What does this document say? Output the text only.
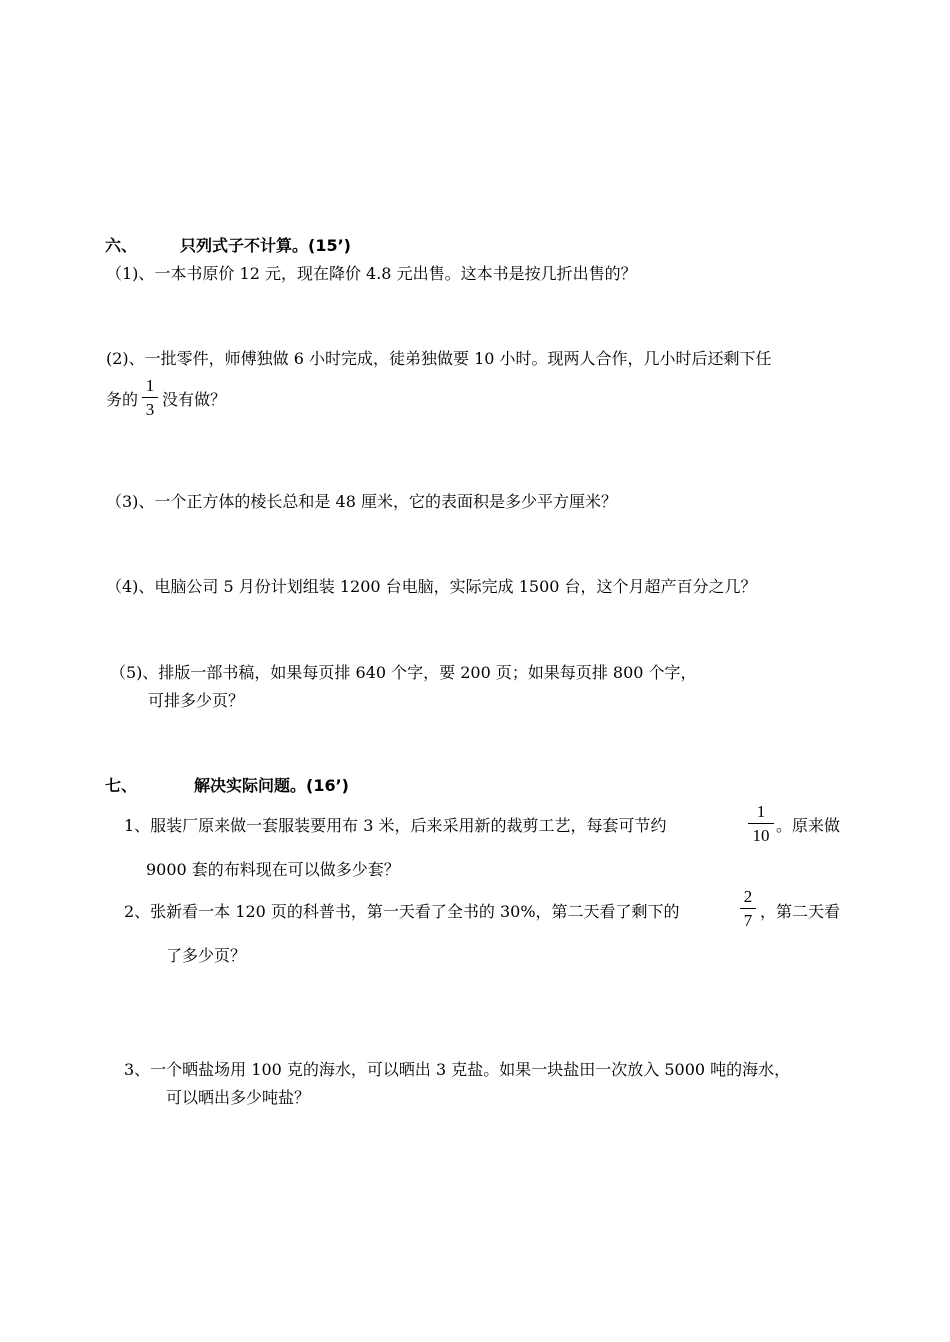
六、	只列式子不计算。(15’)
（1)、一本书原价 12 元，现在降价 4.8 元出售。这本书是按几折出售的？
(2)、一批零件，师傅独做 6 小时完成，徒弟独做要 10 小时。现两人合作，几小时后还剩下任
务的
1
3
没有做？
（3)、一个正方体的棱长总和是 48 厘米，它的表面积是多少平方厘米？
（4)、电脑公司 5 月份计划组装 1200 台电脑，实际完成 1500 台，这个月超产百分之几？
（5)、排版一部书稿，如果每页排 640 个字，要 200 页；如果每页排 800 个字，
可排多少页？
七、	解决实际问题。(16’)
1、服装厂原来做一套服装要用布 3 米，后来采用新的裁剪工艺，每套可节约
1
10
。原来做
9000 套的布料现在可以做多少套？
2、张新看一本 120 页的科普书，第一天看了全书的 30%，第二天看了剩下的
2
7 ，第二天看
了多少页？
3、一个晒盐场用 100 克的海水，可以晒出 3 克盐。如果一块盐田一次放入 5000 吨的海水，
可以晒出多少吨盐？
